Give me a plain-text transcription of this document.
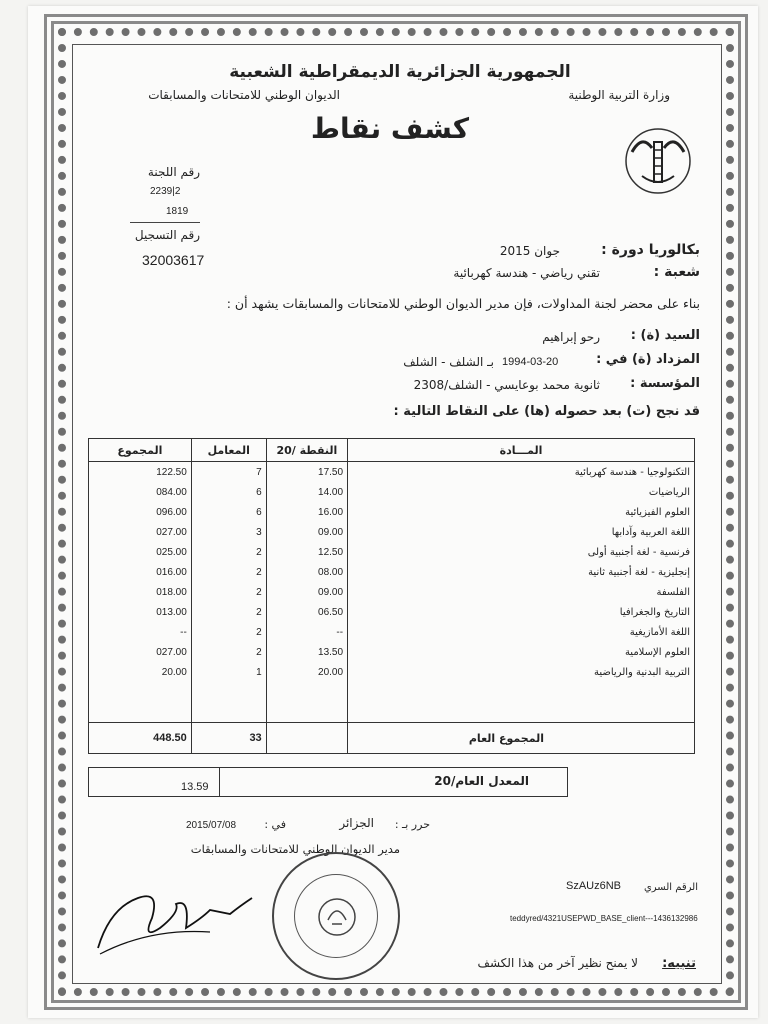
الجمهورية الجزائرية الديمقراطية الشعبية
الديوان الوطني للامتحانات والمسابقات	وزارة التربية الوطنية
كشف نقاط
رقم اللجنة
2239|2
1819
رقم التسجيل
32003617
بكالوريا دورة :
جوان 2015
شعبة :
تقني رياضي - هندسة كهربائية
بناء على محضر لجنة المداولات، فإن مدير الديوان الوطني للامتحانات والمسابقات يشهد أن :
السيد (ة) :
رحو إبراهيم
المزداد (ة) في :
1994-03-20
بـ الشلف - الشلف
المؤسسة :
ثانوية محمد بوعايسي - الشلف/2308
قد نجح (ت) بعد حصوله (ها) على النقاط التالية :
المـــادة	النقطة /20	المعامل	المجموع
التكنولوجيا - هندسة كهربائية	17.50	7	122.50
الرياضيات	14.00	6	084.00
العلوم الفيزيائية	16.00	6	096.00
اللغة العربية وآدابها	09.00	3	027.00
فرنسية - لغة أجنبية أولى	12.50	2	025.00
إنجليزية - لغة أجنبية ثانية	08.00	2	016.00
الفلسفة	09.00	2	018.00
التاريخ والجغرافيا	06.50	2	013.00
اللغة الأمازيغية	--	2	--
العلوم الإسلامية	13.50	2	027.00
التربية البدنية والرياضية	20.00	1	20.00

المجموع العام		33	448.50
المعدل العام/20
13.59
حرر بـ :
الجزائر
في :
2015/07/08
مدير الديوان الوطني للامتحانات والمسابقات
الرقم السري
SzAUz6NB
teddyred/4321USEPWD_BASE_client---1436132986
تنبيه:
لا يمنح نظير آخر من هذا الكشف
